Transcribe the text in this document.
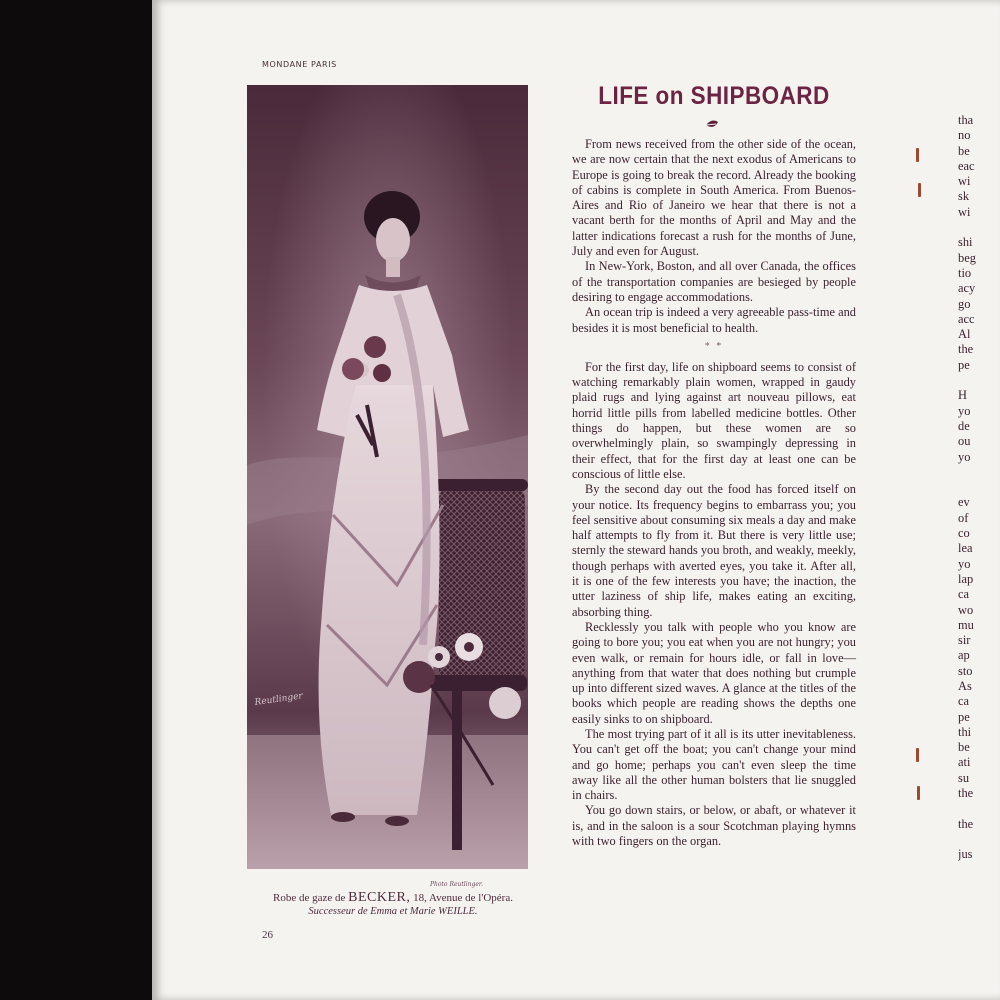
MONDANE PARIS
Reutlinger
Photo Reutlinger.
Robe de gaze de BECKER, 18, Avenue de l'Opéra.
Successeur de Emma et Marie WEILLE.
26
LIFE on SHIPBOARD

From news received from the other side of the ocean, we are now certain that the next exodus of Americans to Europe is going to break the record. Already the booking of cabins is complete in South America. From Buenos-Aires and Rio of Janeiro we hear that there is not a vacant berth for the months of April and May and the latter indications forecast a rush for the months of June, July and even for August.

In New-York, Boston, and all over Canada, the offices of the transportation companies are besieged by people desiring to engage accommodations.

An ocean trip is indeed a very agreeable pass-time and besides it is most beneficial to health.

* *

For the first day, life on shipboard seems to consist of watching remarkably plain women, wrapped in gaudy plaid rugs and lying against art nouveau pillows, eat horrid little pills from labelled medicine bottles. Other things do happen, but these women are so overwhelmingly plain, so swampingly depressing in their effect, that for the first day at least one can be conscious of little else.

By the second day out the food has forced itself on your notice. Its frequency begins to embarrass you; you feel sensitive about consuming six meals a day and make half attempts to fly from it. But there is very little use; sternly the steward hands you broth, and weakly, meekly, though perhaps with averted eyes, you take it. After all, it is one of the few interests you have; the inaction, the utter laziness of ship life, makes eating an exciting, absorbing thing.

Recklessly you talk with people who you know are going to bore you; you eat when you are not hungry; you even walk, or remain for hours idle, or fall in love—anything from that water that does nothing but crumple up into different sized waves. A glance at the titles of the books which people are reading shows the depths one easily sinks to on shipboard.

The most trying part of it all is its utter inevitableness. You can't get off the boat; you can't change your mind and go home; perhaps you can't even sleep the time away like all the other human bolsters that lie snuggled in chairs.

You go down stairs, or below, or abaft, or whatever it is, and in the saloon is a sour Scotchman playing hymns with two fingers on the organ.

tha
no
be
eac
wi
sk
wi
shi
beg
tio
acy
go
acc
Al
the
pe
H
yo
de
ou
yo
ev
of
co
lea
yo
lap
ca
wo
mu
sir
ap
sto
As
ca
pe
thi
be
ati
su
the
the
jus
